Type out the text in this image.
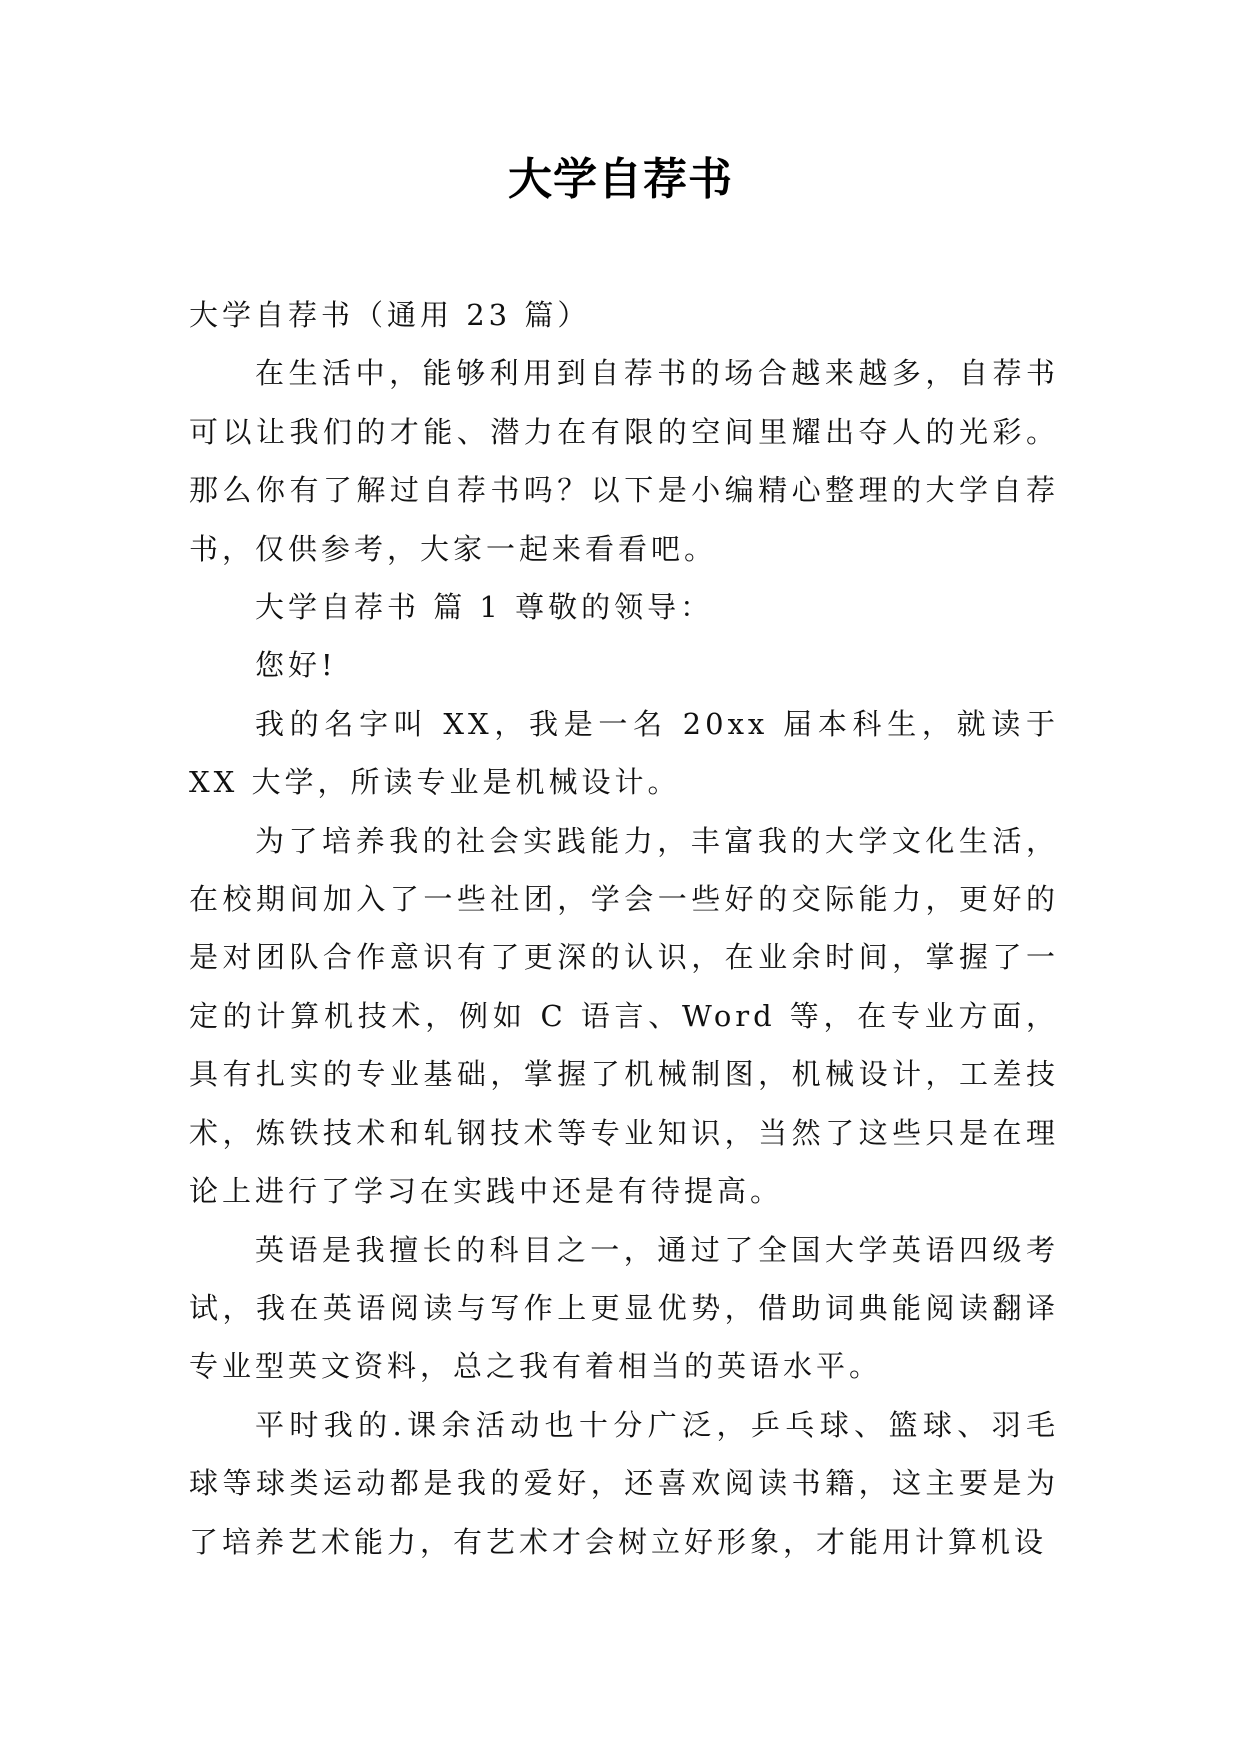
大学自荐书

大学自荐书（通用 23 篇）

在生活中，能够利用到自荐书的场合越来越多，自荐书可以让我们的才能、潜力在有限的空间里耀出夺人的光彩。那么你有了解过自荐书吗？以下是小编精心整理的大学自荐书，仅供参考，大家一起来看看吧。

大学自荐书 篇 1 尊敬的领导：

您好!

我的名字叫 XX，我是一名 20xx 届本科生，就读于 XX 大学，所读专业是机械设计。

为了培养我的社会实践能力，丰富我的大学文化生活，在校期间加入了一些社团，学会一些好的交际能力，更好的是对团队合作意识有了更深的认识，在业余时间，掌握了一定的计算机技术，例如 C 语言、Word 等，在专业方面，具有扎实的专业基础，掌握了机械制图，机械设计，工差技术，炼铁技术和轧钢技术等专业知识，当然了这些只是在理论上进行了学习在实践中还是有待提高。

英语是我擅长的科目之一，通过了全国大学英语四级考试，我在英语阅读与写作上更显优势，借助词典能阅读翻译专业型英文资料，总之我有着相当的英语水平。

平时我的.课余活动也十分广泛，乒乓球、篮球、羽毛球等球类运动都是我的爱好，还喜欢阅读书籍，这主要是为了培养艺术能力，有艺术才会树立好形象，才能用计算机设
